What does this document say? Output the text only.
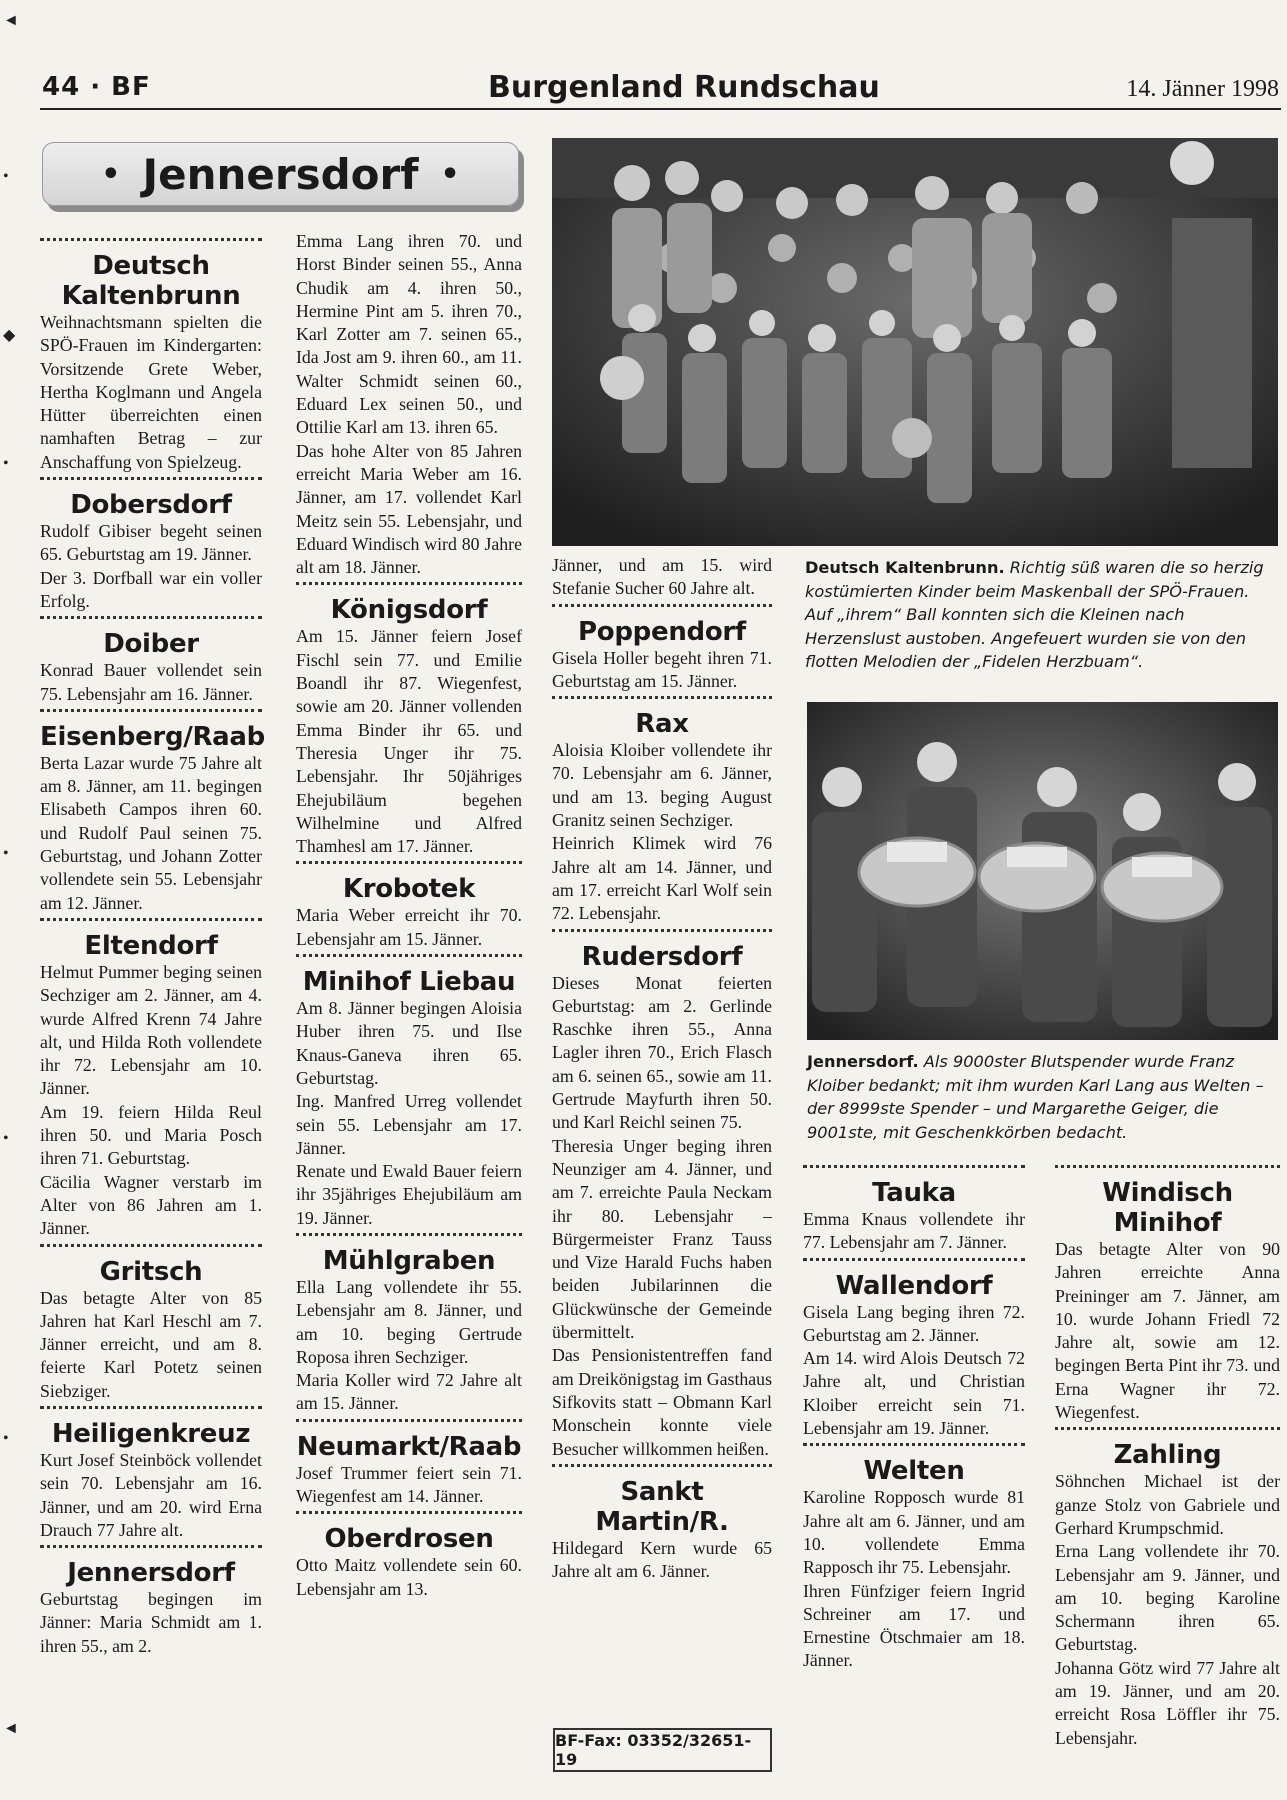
44 · BF	Burgenland Rundschau	14. Jänner 1998
◄
•
◆
•
•
•
•
◄
• Jennersdorf •
Deutsch Kaltenbrunn

Weihnachtsmann spielten die SPÖ-Frauen im Kindergarten: Vorsitzende Grete Weber, Hertha Koglmann und Angela Hütter überreichten einen namhaften Betrag – zur Anschaffung von Spielzeug.

Dobersdorf

Rudolf Gibiser begeht seinen 65. Geburtstag am 19. Jänner.

Der 3. Dorfball war ein voller Erfolg.

Doiber

Konrad Bauer vollendet sein 75. Lebensjahr am 16. Jänner.

Eisenberg/Raab

Berta Lazar wurde 75 Jahre alt am 8. Jänner, am 11. begingen Elisabeth Campos ihren 60. und Rudolf Paul seinen 75. Geburtstag, und Johann Zotter vollendete sein 55. Lebensjahr am 12. Jänner.

Eltendorf

Helmut Pummer beging seinen Sechziger am 2. Jänner, am 4. wurde Alfred Krenn 74 Jahre alt, und Hilda Roth vollendete ihr 72. Lebensjahr am 10. Jänner.

Am 19. feiern Hilda Reul ihren 50. und Maria Posch ihren 71. Geburtstag.

Cäcilia Wagner verstarb im Alter von 86 Jahren am 1. Jänner.

Gritsch

Das betagte Alter von 85 Jahren hat Karl Heschl am 7. Jänner erreicht, und am 8. feierte Karl Potetz seinen Siebziger.

Heiligenkreuz

Kurt Josef Steinböck vollendet sein 70. Lebensjahr am 16. Jänner, und am 20. wird Erna Drauch 77 Jahre alt.

Jennersdorf

Geburtstag begingen im Jänner: Maria Schmidt am 1. ihren 55., am 2.

Emma Lang ihren 70. und Horst Binder seinen 55., Anna Chudik am 4. ihren 50., Hermine Pint am 5. ihren 70., Karl Zotter am 7. seinen 65., Ida Jost am 9. ihren 60., am 11. Walter Schmidt seinen 60., Eduard Lex seinen 50., und Ottilie Karl am 13. ihren 65.

Das hohe Alter von 85 Jahren erreicht Maria Weber am 16. Jänner, am 17. vollendet Karl Meitz sein 55. Lebensjahr, und Eduard Windisch wird 80 Jahre alt am 18. Jänner.

Königsdorf

Am 15. Jänner feiern Josef Fischl sein 77. und Emilie Boandl ihr 87. Wiegenfest, sowie am 20. Jänner vollenden Emma Binder ihr 65. und Theresia Unger ihr 75. Lebensjahr. Ihr 50jähriges Ehejubiläum begehen Wilhelmine und Alfred Thamhesl am 17. Jänner.

Krobotek

Maria Weber erreicht ihr 70. Lebensjahr am 15. Jänner.

Minihof Liebau

Am 8. Jänner begingen Aloisia Huber ihren 75. und Ilse Knaus-Ganeva ihren 65. Geburtstag.

Ing. Manfred Urreg vollendet sein 55. Lebensjahr am 17. Jänner.

Renate und Ewald Bauer feiern ihr 35jähriges Ehejubiläum am 19. Jänner.

Mühlgraben

Ella Lang vollendete ihr 55. Lebensjahr am 8. Jänner, und am 10. beging Gertrude Roposa ihren Sechziger.

Maria Koller wird 72 Jahre alt am 15. Jänner.

Neumarkt/Raab

Josef Trummer feiert sein 71. Wiegenfest am 14. Jänner.

Oberdrosen

Otto Maitz vollendete sein 60. Lebensjahr am 13.

Deutsch Kaltenbrunn. Richtig süß waren die so herzig kostümierten Kinder beim Maskenball der SPÖ-Frauen. Auf „ihrem“ Ball konnten sich die Kleinen nach Herzenslust austoben. Angefeuert wurden sie von den flotten Melodien der „Fidelen Herzbuam“.

Jänner, und am 15. wird Stefanie Sucher 60 Jahre alt.

Poppendorf

Gisela Holler begeht ihren 71. Geburtstag am 15. Jänner.

Rax

Aloisia Kloiber vollendete ihr 70. Lebensjahr am 6. Jänner, und am 13. beging August Granitz seinen Sechziger.

Heinrich Klimek wird 76 Jahre alt am 14. Jänner, und am 17. erreicht Karl Wolf sein 72. Lebensjahr.

Rudersdorf

Dieses Monat feierten Geburtstag: am 2. Gerlinde Raschke ihren 55., Anna Lagler ihren 70., Erich Flasch am 6. seinen 65., sowie am 11. Gertrude Mayfurth ihren 50. und Karl Reichl seinen 75.

Theresia Unger beging ihren Neunziger am 4. Jänner, und am 7. erreichte Paula Neckam ihr 80. Lebensjahr – Bürgermeister Franz Tauss und Vize Harald Fuchs haben beiden Jubilarinnen die Glückwünsche der Gemeinde übermittelt.

Das Pensionistentreffen fand am Dreikönigstag im Gasthaus Sifkovits statt – Obmann Karl Monschein konnte viele Besucher willkommen heißen.

Sankt Martin/R.

Hildegard Kern wurde 65 Jahre alt am 6. Jänner.

BF-Fax: 03352/32651-19
Jennersdorf. Als 9000ster Blutspender wurde Franz Kloiber bedankt; mit ihm wurden Karl Lang aus Welten – der 8999ste Spender – und Margarethe Geiger, die 9001ste, mit Geschenkkörben bedacht.
Tauka

Emma Knaus vollendete ihr 77. Lebensjahr am 7. Jänner.

Wallendorf

Gisela Lang beging ihren 72. Geburtstag am 2. Jänner.

Am 14. wird Alois Deutsch 72 Jahre alt, und Christian Kloiber erreicht sein 71. Lebensjahr am 19. Jänner.

Welten

Karoline Ropposch wurde 81 Jahre alt am 6. Jänner, und am 10. vollendete Emma Rapposch ihr 75. Lebensjahr.

Ihren Fünfziger feiern Ingrid Schreiner am 17. und Ernestine Ötschmaier am 18. Jänner.

Windisch Minihof

Das betagte Alter von 90 Jahren erreichte Anna Preininger am 7. Jänner, am 10. wurde Johann Friedl 72 Jahre alt, sowie am 12. begingen Berta Pint ihr 73. und Erna Wagner ihr 72. Wiegenfest.

Zahling

Söhnchen Michael ist der ganze Stolz von Gabriele und Gerhard Krumpschmid.

Erna Lang vollendete ihr 70. Lebensjahr am 9. Jänner, und am 10. beging Karoline Schermann ihren 65. Geburtstag.

Johanna Götz wird 77 Jahre alt am 19. Jänner, und am 20. erreicht Rosa Löffler ihr 75. Lebensjahr.
